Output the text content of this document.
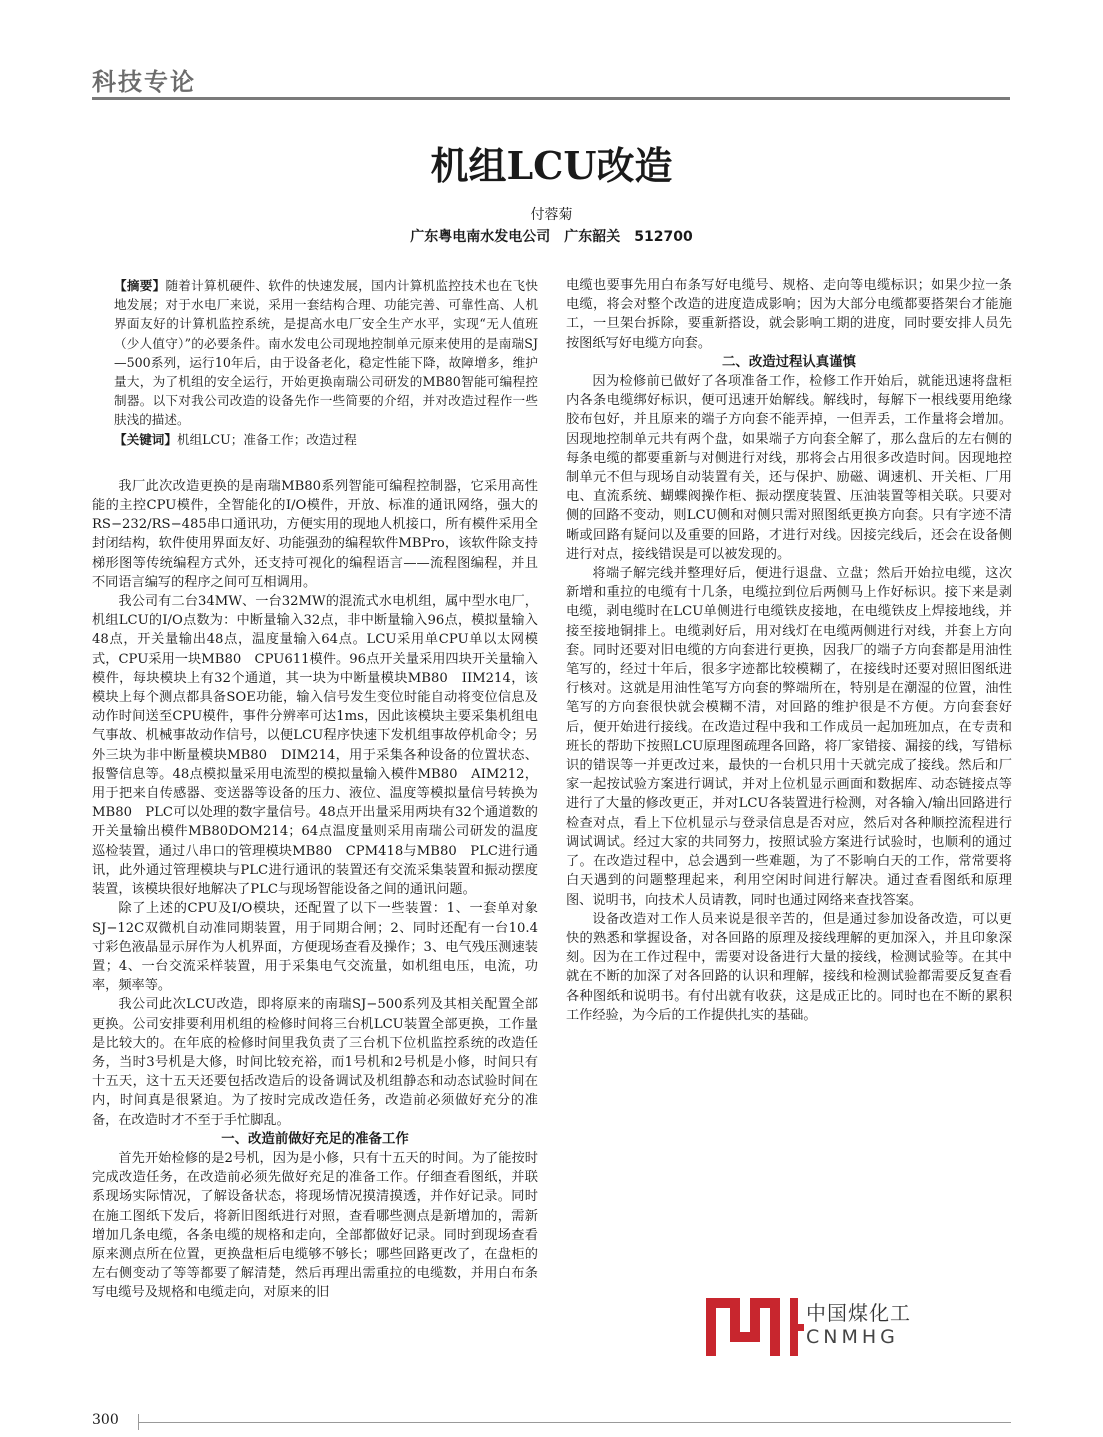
科技专论
机组LCU改造
付蓉菊
广东粤电南水发电公司　广东韶关　512700

【摘要】随着计算机硬件、软件的快速发展，国内计算机监控技术也在飞快地发展；对于水电厂来说，采用一套结构合理、功能完善、可靠性高、人机界面友好的计算机监控系统，是提高水电厂安全生产水平，实现“无人值班（少人值守）”的必要条件。南水发电公司现地控制单元原来使用的是南瑞SJ—500系列，运行10年后，由于设备老化，稳定性能下降，故障增多，维护量大，为了机组的安全运行，开始更换南瑞公司研发的MB80智能可编程控制器。以下对我公司改造的设备先作一些简要的介绍，并对改造过程作一些肤浅的描述。

【关键词】机组LCU；准备工作；改造过程

我厂此次改造更换的是南瑞MB80系列智能可编程控制器，它采用高性能的主控CPU模件，全智能化的I/O模件，开放、标准的通讯网络，强大的RS−232/RS−485串口通讯功，方便实用的现地人机接口，所有模件采用全封闭结构，软件使用界面友好、功能强劲的编程软件MBPro，该软件除支持梯形图等传统编程方式外，还支持可视化的编程语言——流程图编程，并且不同语言编写的程序之间可互相调用。

我公司有二台34MW、一台32MW的混流式水电机组，属中型水电厂，机组LCU的I/O点数为：中断量输入32点，非中断量输入96点，模拟量输入48点，开关量输出48点，温度量输入64点。LCU采用单CPU单以太网模式，CPU采用一块MB80　CPU611模件。96点开关量采用四块开关量输入模件，每块模块上有32个通道，其一块为中断量模块MB80　IIM214，该模块上每个测点都具备SOE功能，输入信号发生变位时能自动将变位信息及动作时间送至CPU模件，事件分辨率可达1ms，因此该模块主要采集机组电气事故、机械事故动作信号，以便LCU程序快速下发机组事故停机命令；另外三块为非中断量模块MB80　DIM214，用于采集各种设备的位置状态、报警信息等。48点模拟量采用电流型的模拟量输入模件MB80　AIM212，用于把来自传感器、变送器等设备的压力、液位、温度等模拟量信号转换为MB80　PLC可以处理的数字量信号。48点开出量采用两块有32个通道数的开关量输出模件MB80DOM214；64点温度量则采用南瑞公司研发的温度巡检装置，通过八串口的管理模块MB80　CPM418与MB80　PLC进行通讯，此外通过管理模块与PLC进行通讯的装置还有交流采集装置和振动摆度装置，该模块很好地解决了PLC与现场智能设备之间的通讯问题。

除了上述的CPU及I/O模块，还配置了以下一些装置：1、一套单对象SJ−12C双微机自动准同期装置，用于同期合闸；2、同时还配有一台10.4寸彩色液晶显示屏作为人机界面，方便现场查看及操作；3、电气残压测速装置；4、一台交流采样装置，用于采集电气交流量，如机组电压，电流，功率，频率等。

我公司此次LCU改造，即将原来的南瑞SJ−500系列及其相关配置全部更换。公司安排要利用机组的检修时间将三台机LCU装置全部更换，工作量是比较大的。在年底的检修时间里我负责了三台机下位机监控系统的改造任务，当时3号机是大修，时间比较充裕，而1号机和2号机是小修，时间只有十五天，这十五天还要包括改造后的设备调试及机组静态和动态试验时间在内，时间真是很紧迫。为了按时完成改造任务，改造前必须做好充分的准备，在改造时才不至于手忙脚乱。

一、改造前做好充足的准备工作

首先开始检修的是2号机，因为是小修，只有十五天的时间。为了能按时完成改造任务，在改造前必须先做好充足的准备工作。仔细查看图纸，并联系现场实际情况，了解设备状态，将现场情况摸清摸透，并作好记录。同时在施工图纸下发后，将新旧图纸进行对照，查看哪些测点是新增加的，需新增加几条电缆，各条电缆的规格和走向，全部都做好记录。同时到现场查看原来测点所在位置，更换盘柜后电缆够不够长；哪些回路更改了，在盘柜的左右侧变动了等等都要了解清楚，然后再理出需重拉的电缆数，并用白布条写电缆号及规格和电缆走向，对原来的旧

电缆也要事先用白布条写好电缆号、规格、走向等电缆标识；如果少拉一条电缆，将会对整个改造的进度造成影响；因为大部分电缆都要搭架台才能施工，一旦架台拆除，要重新搭设，就会影响工期的进度，同时要安排人员先按图纸写好电缆方向套。

二、改造过程认真谨慎

因为检修前已做好了各项准备工作，检修工作开始后，就能迅速将盘柜内各条电缆绑好标识，便可迅速开始解线。解线时，每解下一根线要用绝缘胶布包好，并且原来的端子方向套不能弄掉，一但弄丢，工作量将会增加。因现地控制单元共有两个盘，如果端子方向套全解了，那么盘后的左右侧的每条电缆的都要重新与对侧进行对线，那将会占用很多改造时间。因现地控制单元不但与现场自动装置有关，还与保护、励磁、调速机、开关柜、厂用电、直流系统、蝴蝶阀操作柜、振动摆度装置、压油装置等相关联。只要对侧的回路不变动，则LCU侧和对侧只需对照图纸更换方向套。只有字迹不清晰或回路有疑问以及重要的回路，才进行对线。因接完线后，还会在设备侧进行对点，接线错误是可以被发现的。

将端子解完线并整理好后，便进行退盘、立盘；然后开始拉电缆，这次新增和重拉的电缆有十几条，电缆拉到位后两侧马上作好标识。接下来是剥电缆，剥电缆时在LCU单侧进行电缆铁皮接地，在电缆铁皮上焊接地线，并接至接地铜排上。电缆剥好后，用对线灯在电缆两侧进行对线，并套上方向套。同时还要对旧电缆的方向套进行更换，因我厂的端子方向套都是用油性笔写的，经过十年后，很多字迹都比较模糊了，在接线时还要对照旧图纸进行核对。这就是用油性笔写方向套的弊端所在，特别是在潮湿的位置，油性笔写的方向套很快就会模糊不清，对回路的维护很是不方便。方向套套好后，便开始进行接线。在改造过程中我和工作成员一起加班加点，在专责和班长的帮助下按照LCU原理图疏理各回路，将厂家错接、漏接的线，写错标识的错误等一并更改过来，最快的一台机只用十天就完成了接线。然后和厂家一起按试验方案进行调试，并对上位机显示画面和数据库、动态链接点等进行了大量的修改更正，并对LCU各装置进行检测，对各输入/输出回路进行检查对点，看上下位机显示与登录信息是否对应，然后对各种顺控流程进行调试调试。经过大家的共同努力，按照试验方案进行试验时，也顺利的通过了。在改造过程中，总会遇到一些难题，为了不影响白天的工作，常常要将白天遇到的问题整理起来，利用空闲时间进行解决。通过查看图纸和原理图、说明书，向技术人员请教，同时也通过网络来查找答案。

设备改造对工作人员来说是很辛苦的，但是通过参加设备改造，可以更快的熟悉和掌握设备，对各回路的原理及接线理解的更加深入，并且印象深刻。因为在工作过程中，需要对设备进行大量的接线，检测试验等。在其中就在不断的加深了对各回路的认识和理解，接线和检测试验都需要反复查看各种图纸和说明书。有付出就有收获，这是成正比的。同时也在不断的累积工作经验，为今后的工作提供扎实的基础。

中国煤化工
CNMHG
300
